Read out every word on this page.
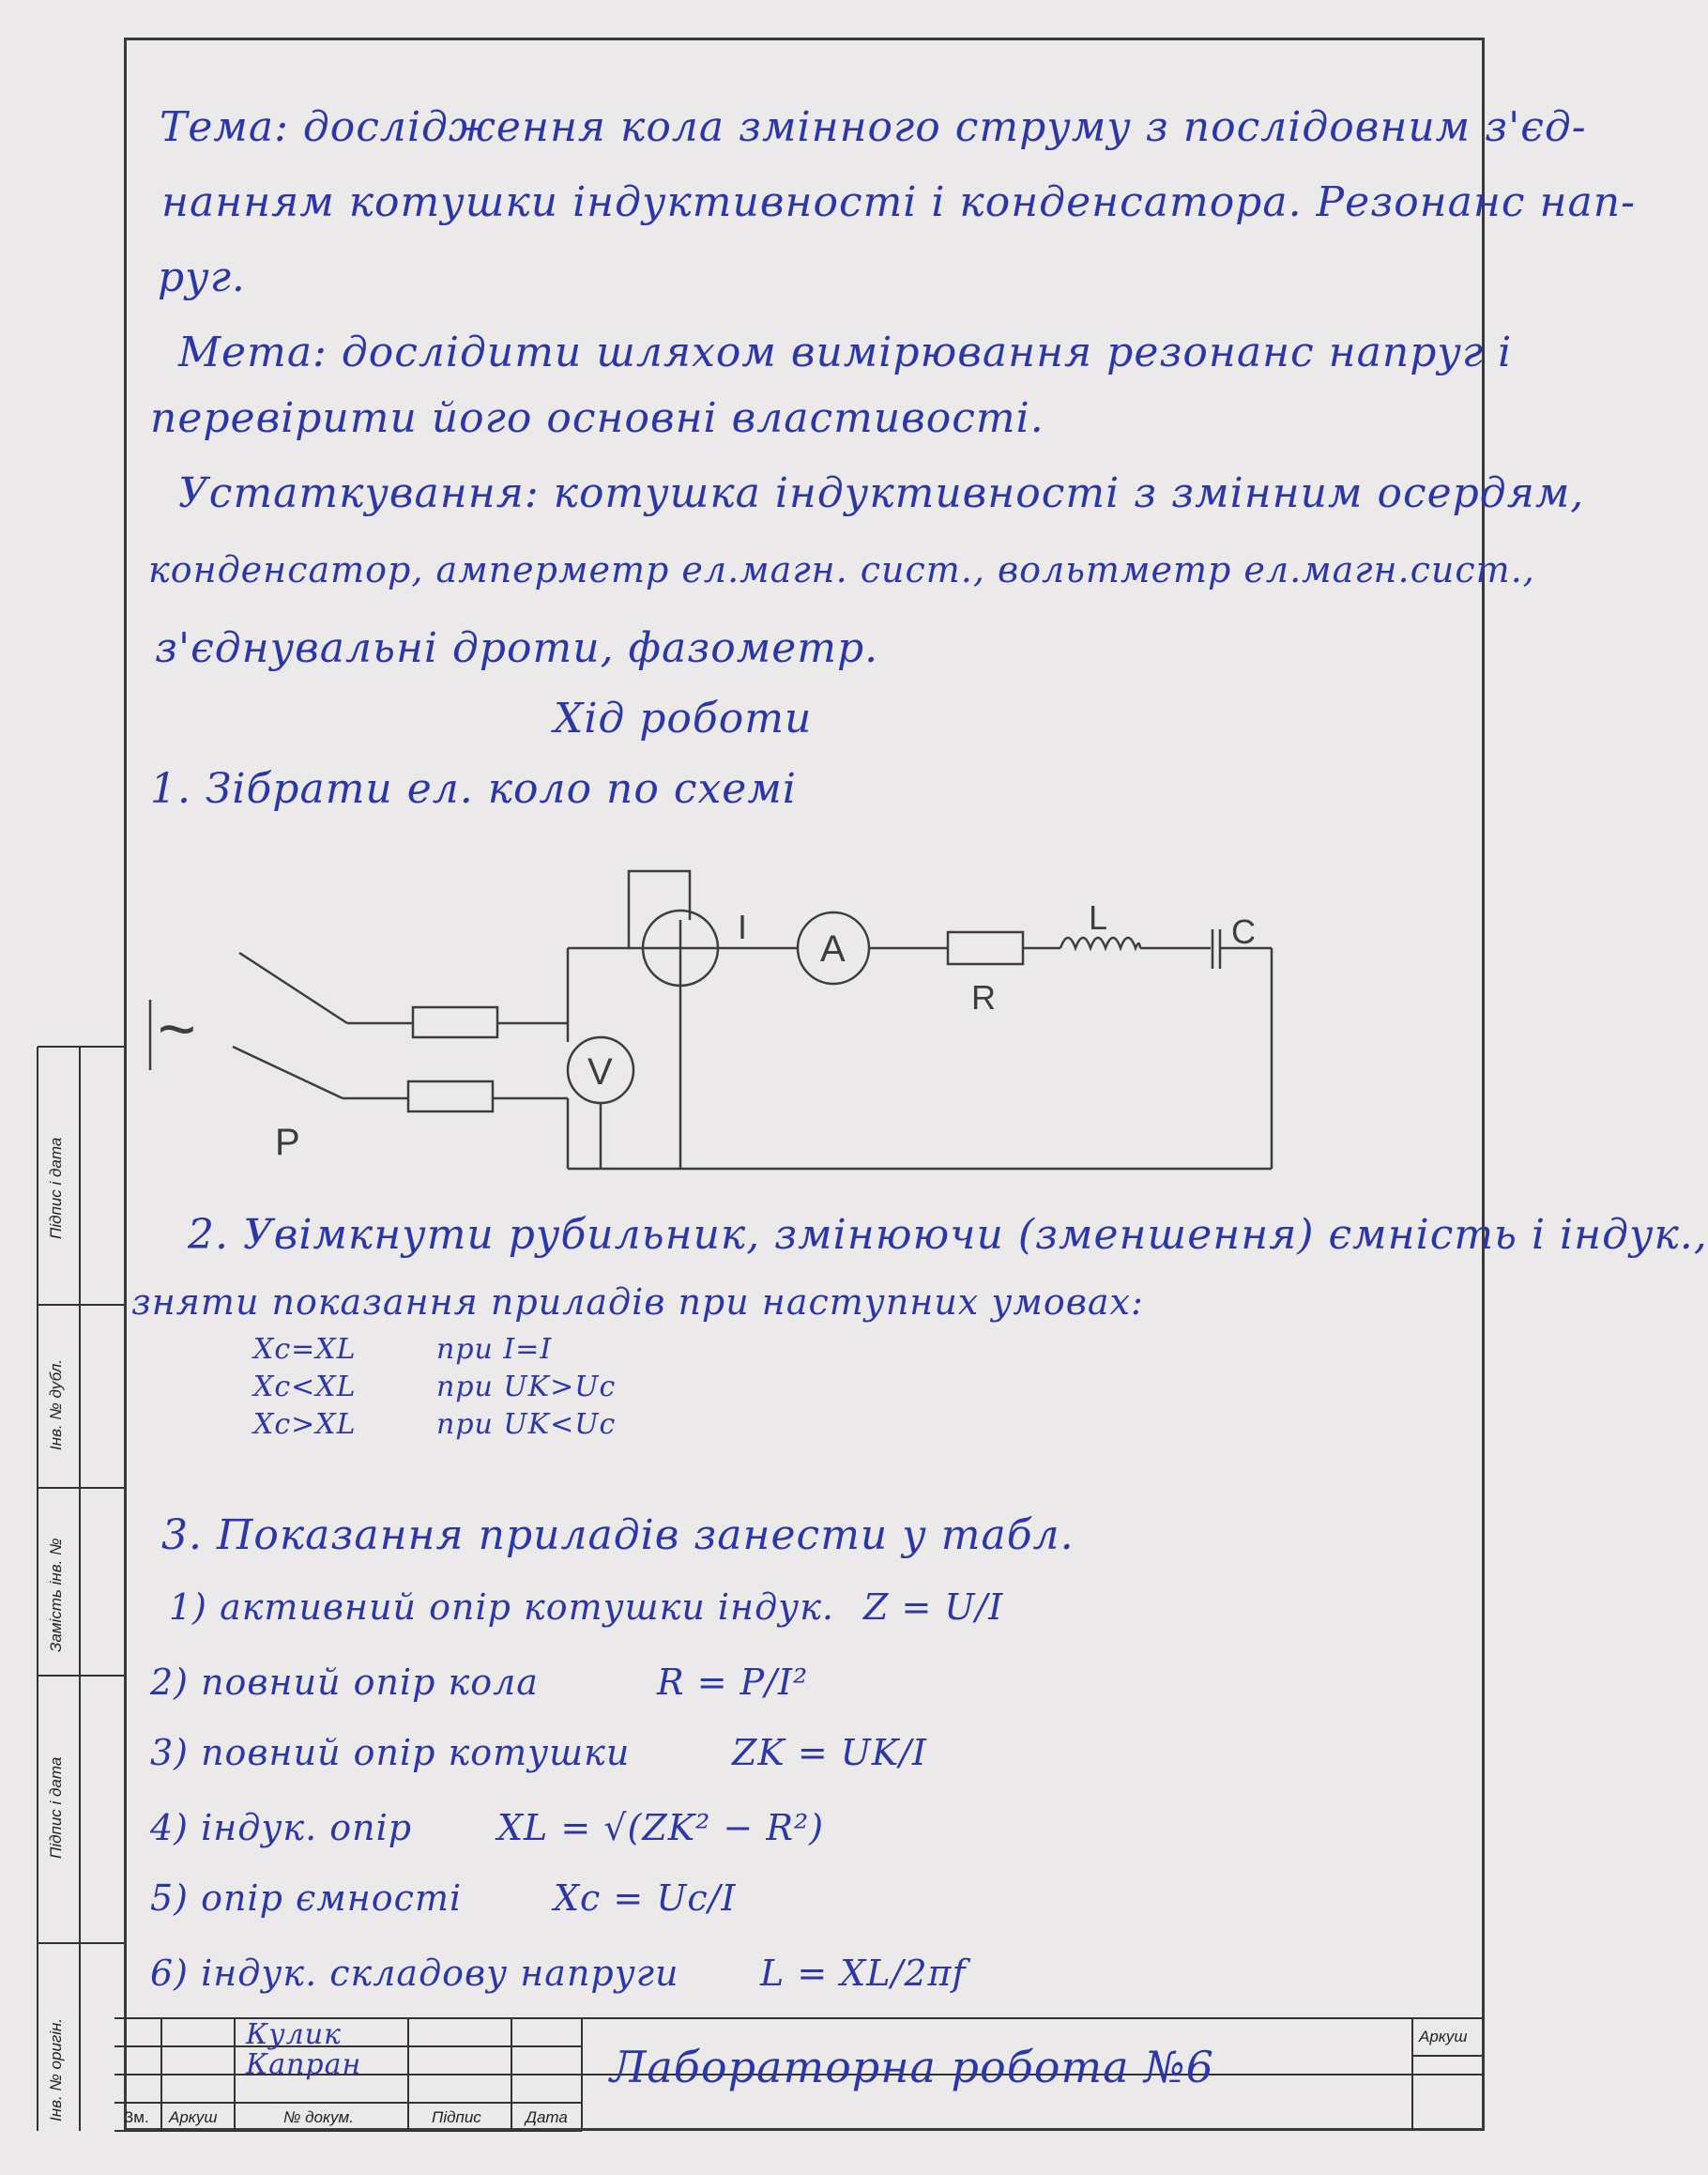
Тема: дослідження кола змінного струму з послідовним з'єд-
нанням котушки індуктивності і конденсатора. Резонанс нап-
руг.
Мета: дослідити шляхом вимірювання резонанс напруг і
перевірити його основні властивості.
Устаткування: котушка індуктивності з змінним осердям,
конденсатор, амперметр ел.магн. сист., вольтметр ел.магн.сист.,
з'єднувальні дроти, фазометр.
Хід роботи
1. Зібрати ел. коло по схемі
~
P
V
A
I
R
L	C
2. Увімкнути рубильник, змінюючи (зменшення) ємність і індук.,
зняти показання приладів при наступних умовах:
Xc=XL	при I=I
Xc<XL	при UK>Uc
Xc>XL	при UK<Uc
3. Показання приладів занести у табл.
1) активний опір котушки індук. Z = U/I
2) повний опір кола	R = P/I²
3) повний опір котушки	ZK = UK/I
4) індук. опір XL = √(ZK² − R²)
5) опір ємності	Xc = Uc/I
6) індук. складову напруги L = XL/2πf
Кулик
Капран
Зм. Аркуш	№ докум.	Підпис	Дата
Лабораторна робота №6
Аркуш
Підпис і дата
Інв. № дубл.
Замість інв. №
Підпис і дата
Інв. № оригін.
